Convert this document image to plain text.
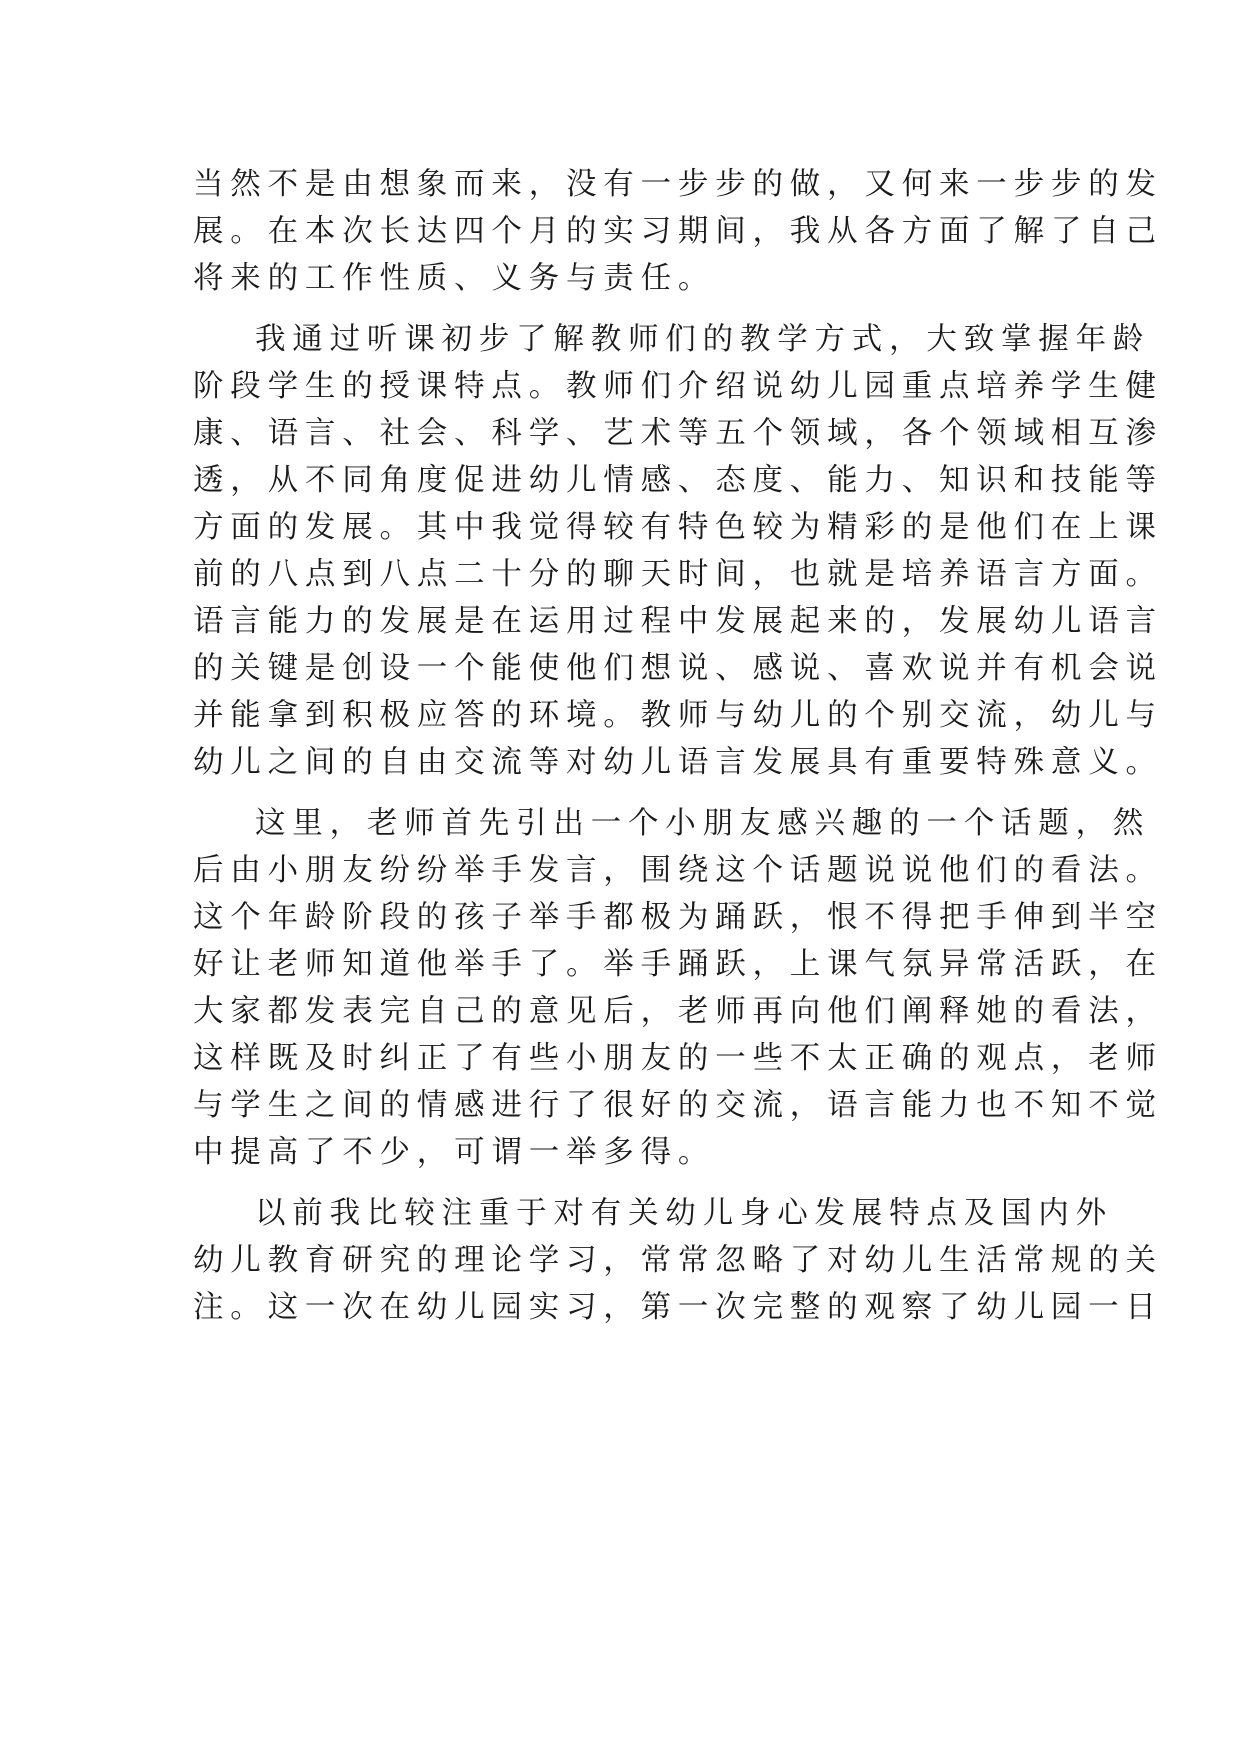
当然不是由想象而来，没有一步步的做，又何来一步步的发
展。在本次长达四个月的实习期间，我从各方面了解了自己
将来的工作性质、义务与责任。
我通过听课初步了解教师们的教学方式，大致掌握年龄
阶段学生的授课特点。教师们介绍说幼儿园重点培养学生健
康、语言、社会、科学、艺术等五个领域，各个领域相互渗
透，从不同角度促进幼儿情感、态度、能力、知识和技能等
方面的发展。其中我觉得较有特色较为精彩的是他们在上课
前的八点到八点二十分的聊天时间，也就是培养语言方面。
语言能力的发展是在运用过程中发展起来的，发展幼儿语言
的关键是创设一个能使他们想说、感说、喜欢说并有机会说
并能拿到积极应答的环境。教师与幼儿的个别交流，幼儿与
幼儿之间的自由交流等对幼儿语言发展具有重要特殊意义。
这里，老师首先引出一个小朋友感兴趣的一个话题，然
后由小朋友纷纷举手发言，围绕这个话题说说他们的看法。
这个年龄阶段的孩子举手都极为踊跃，恨不得把手伸到半空
好让老师知道他举手了。举手踊跃，上课气氛异常活跃，在
大家都发表完自己的意见后，老师再向他们阐释她的看法，
这样既及时纠正了有些小朋友的一些不太正确的观点，老师
与学生之间的情感进行了很好的交流，语言能力也不知不觉
中提高了不少，可谓一举多得。
以前我比较注重于对有关幼儿身心发展特点及国内外
幼儿教育研究的理论学习，常常忽略了对幼儿生活常规的关
注。这一次在幼儿园实习，第一次完整的观察了幼儿园一日
